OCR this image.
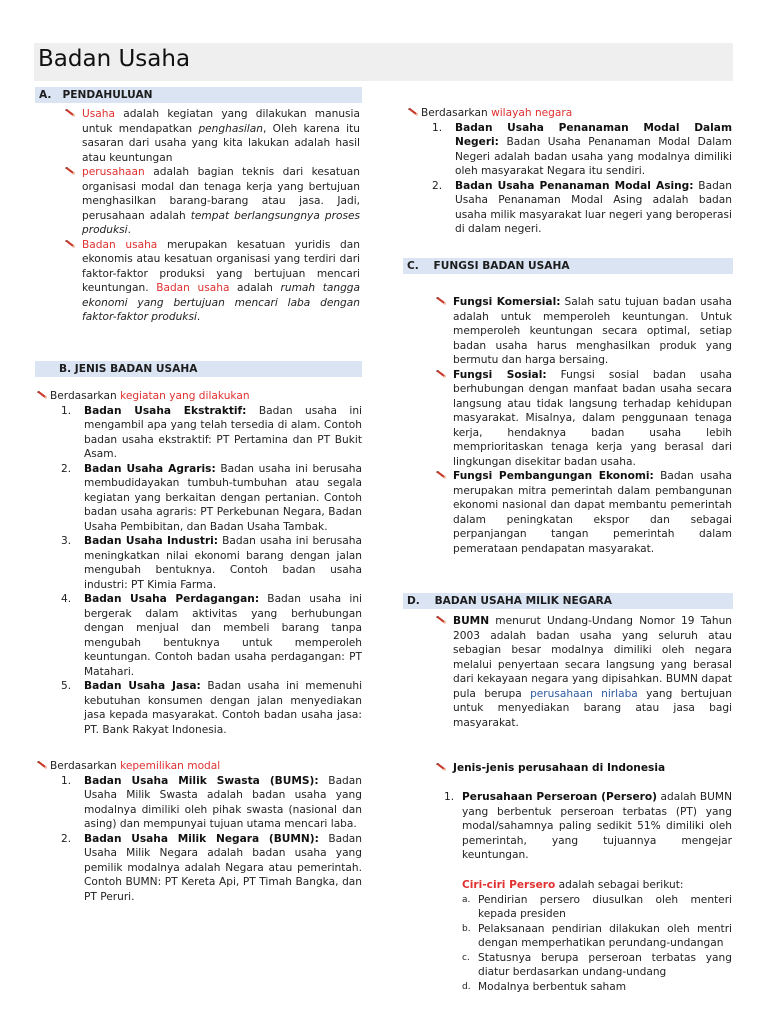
Badan Usaha
A.   PENDAHULUAN
Usaha adalah kegiatan yang dilakukan manusia untuk mendapatkan penghasilan, Oleh karena itu sasaran dari usaha yang kita lakukan adalah hasil atau keuntungan
perusahaan adalah bagian teknis dari kesatuan organisasi modal dan tenaga kerja yang bertujuan menghasilkan barang-barang atau jasa. Jadi, perusahaan adalah tempat berlangsungnya proses produksi.
Badan usaha merupakan kesatuan yuridis dan ekonomis atau kesatuan organisasi yang terdiri dari faktor-faktor produksi yang bertujuan mencari keuntungan. Badan usaha adalah rumah tangga ekonomi yang bertujuan mencari laba dengan faktor-faktor produksi.
B. JENIS BADAN USAHA
Berdasarkan kegiatan yang dilakukan
1. Badan Usaha Ekstraktif: Badan usaha ini mengambil apa yang telah tersedia di alam. Contoh badan usaha ekstraktif: PT Pertamina dan PT Bukit Asam.
2. Badan Usaha Agraris: Badan usaha ini berusaha membudidayakan tumbuh-tumbuhan atau segala kegiatan yang berkaitan dengan pertanian. Contoh badan usaha agraris: PT Perkebunan Negara, Badan Usaha Pembibitan, dan Badan Usaha Tambak.
3. Badan Usaha Industri: Badan usaha ini berusaha meningkatkan nilai ekonomi barang dengan jalan mengubah bentuknya. Contoh badan usaha industri: PT Kimia Farma.
4. Badan Usaha Perdagangan: Badan usaha ini bergerak dalam aktivitas yang berhubungan dengan menjual dan membeli barang tanpa mengubah bentuknya untuk memperoleh keuntungan. Contoh badan usaha perdagangan: PT Matahari.
5. Badan Usaha Jasa: Badan usaha ini memenuhi kebutuhan konsumen dengan jalan menyediakan jasa kepada masyarakat. Contoh badan usaha jasa: PT. Bank Rakyat Indonesia.
Berdasarkan kepemilikan modal
1. Badan Usaha Milik Swasta (BUMS): Badan Usaha Milik Swasta adalah badan usaha yang modalnya dimiliki oleh pihak swasta (nasional dan asing) dan mempunyai tujuan utama mencari laba.
2. Badan Usaha Milik Negara (BUMN): Badan Usaha Milik Negara adalah badan usaha yang pemilik modalnya adalah Negara atau pemerintah. Contoh BUMN: PT Kereta Api, PT Timah Bangka, dan PT Peruri.
Berdasarkan wilayah negara
1. Badan Usaha Penanaman Modal Dalam Negeri: Badan Usaha Penanaman Modal Dalam Negeri adalah badan usaha yang modalnya dimiliki oleh masyarakat Negara itu sendiri.
2. Badan Usaha Penanaman Modal Asing: Badan Usaha Penanaman Modal Asing adalah badan usaha milik masyarakat luar negeri yang beroperasi di dalam negeri.
C.    FUNGSI BADAN USAHA
Fungsi Komersial: Salah satu tujuan badan usaha adalah untuk memperoleh keuntungan. Untuk memperoleh keuntungan secara optimal, setiap badan usaha harus menghasilkan produk yang bermutu dan harga bersaing.
Fungsi Sosial: Fungsi sosial badan usaha berhubungan dengan manfaat badan usaha secara langsung atau tidak langsung terhadap kehidupan masyarakat. Misalnya, dalam penggunaan tenaga kerja, hendaknya badan usaha lebih memprioritaskan tenaga kerja yang berasal dari lingkungan disekitar badan usaha.
Fungsi Pembangungan Ekonomi: Badan usaha merupakan mitra pemerintah dalam pembangunan ekonomi nasional dan dapat membantu pemerintah dalam peningkatan ekspor dan sebagai perpanjangan tangan pemerintah dalam pemerataan pendapatan masyarakat.
D.    BADAN USAHA MILIK NEGARA
BUMN menurut Undang-Undang Nomor 19 Tahun 2003 adalah badan usaha yang seluruh atau sebagian besar modalnya dimiliki oleh negara melalui penyertaan secara langsung yang berasal dari kekayaan negara yang dipisahkan. BUMN dapat pula berupa perusahaan nirlaba yang bertujuan untuk menyediakan barang atau jasa bagi masyarakat.
Jenis-jenis perusahaan di Indonesia
1. Perusahaan Perseroan (Persero) adalah BUMN yang berbentuk perseroan terbatas (PT) yang modal/sahamnya paling sedikit 51% dimiliki oleh pemerintah, yang tujuannya mengejar keuntungan.
Ciri-ciri Persero adalah sebagai berikut:
a. Pendirian persero diusulkan oleh menteri kepada presiden
b. Pelaksanaan pendirian dilakukan oleh mentri dengan memperhatikan perundang-undangan
c. Statusnya berupa perseroan terbatas yang diatur berdasarkan undang-undang
d. Modalnya berbentuk saham
